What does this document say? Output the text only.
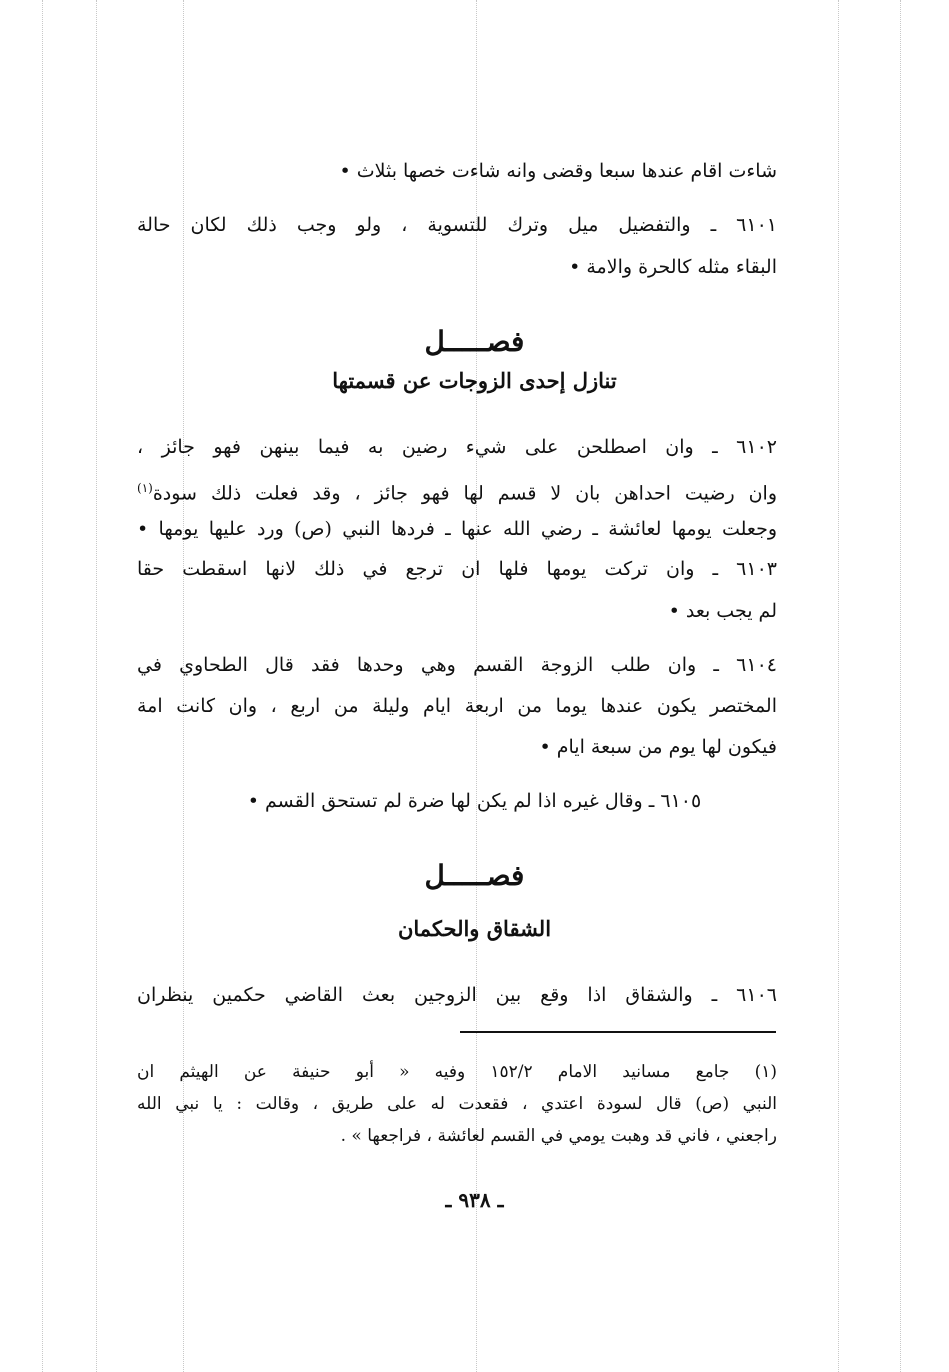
شاءت اقام عندها سبعا وقضى وانه شاءت خصها بثلاث •
٦١٠١ ـ والتفضيل ميل وترك للتسوية ، ولو وجب ذلك لكان حالة
البقاء مثله كالحرة والامة •
فصـــــل
تنازل إحدى الزوجات عن قسمتها
٦١٠٢ ـ وان اصطلحن على شيء رضين به فيما بينهن فهو جائز ،
وان رضيت احداهن بان لا قسم لها فهو جائز ، وقد فعلت ذلك سودة$^{(١)}$
وجعلت يومها لعائشة ـ رضي الله عنها ـ فردها النبي (ص) ورد عليها يومها •
٦١٠٣ ـ وان تركت يومها فلها ان ترجع في ذلك لانها اسقطت حقا
لم يجب بعد •
٦١٠٤ ـ وان طلب الزوجة القسم وهي وحدها فقد قال الطحاوي في
المختصر يكون عندها يوما من اربعة ايام وليلة من اربع ، وان كانت امة
فيكون لها يوم من سبعة ايام •
٦١٠٥ ـ وقال غيره اذا لم يكن لها ضرة لم تستحق القسم •
فصـــــل
الشقاق والحكمان
٦١٠٦ ـ والشقاق اذا وقع بين الزوجين بعث القاضي حكمين ينظران
(١) جامع مسانيد الامام ١٥٢/٢ وفيه « أبو حنيفة عن الهيثم ان
النبي (ص) قال لسودة اعتدي ، فقعدت له على طريق ، وقالت : يا نبي الله
راجعني ، فاني قد وهبت يومي في القسم لعائشة ، فراجعها » .
ـ ٩٣٨ ـ
